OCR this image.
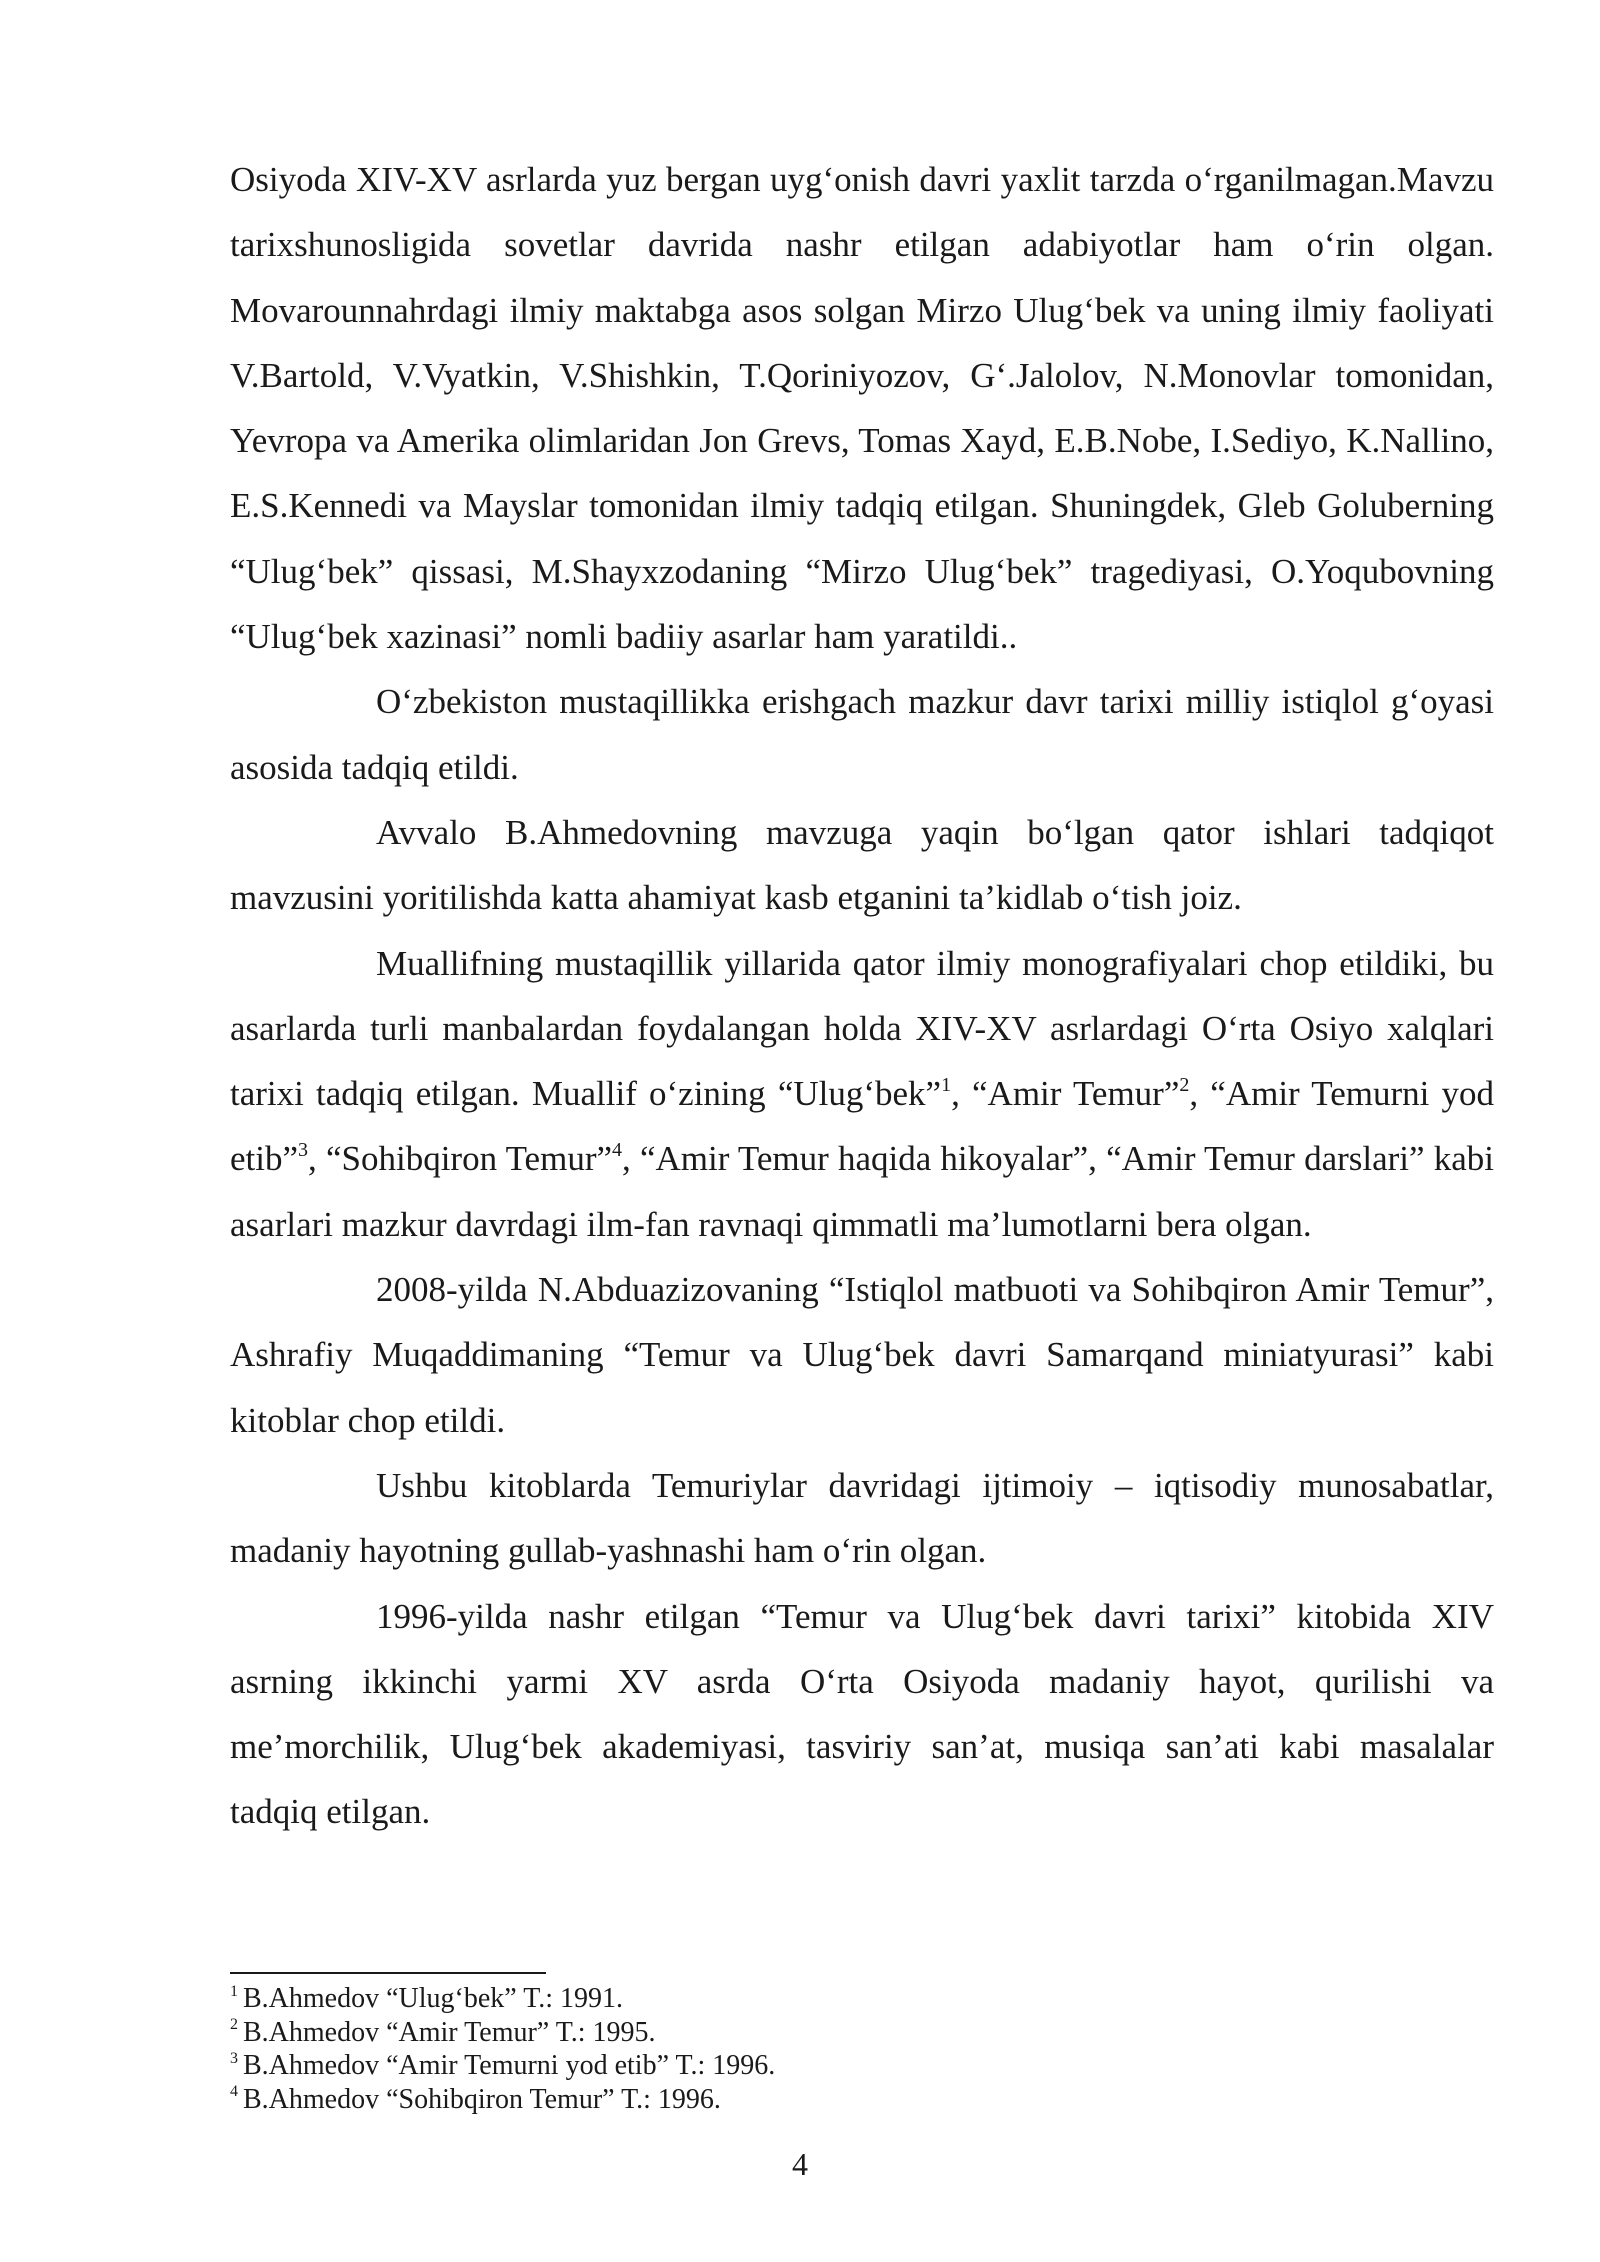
Osiyoda XIV-XV asrlarda yuz bergan uyg‘onish davri yaxlit tarzda o‘rganilmagan.Mavzu tarixshunosligida sovetlar davrida nashr etilgan adabiyotlar ham o‘rin olgan. Movarounnahrdagi ilmiy maktabga asos solgan Mirzo Ulug‘bek va uning ilmiy faoliyati V.Bartold, V.Vyatkin, V.Shishkin, T.Qoriniyozov, G‘.Jalolov, N.Monovlar tomonidan, Yevropa va Amerika olimlaridan Jon Grevs, Tomas Xayd, E.B.Nobe, I.Sediyo, K.Nallino, E.S.Kennedi va Mayslar tomonidan ilmiy tadqiq etilgan. Shuningdek, Gleb Goluberning “Ulug‘bek” qissasi, M.Shayxzodaning “Mirzo Ulug‘bek” tragediyasi, O.Yoqubovning “Ulug‘bek xazinasi” nomli badiiy asarlar ham yaratildi..

O‘zbekiston mustaqillikka erishgach mazkur davr tarixi milliy istiqlol g‘oyasi asosida tadqiq etildi.

Avvalo B.Ahmedovning mavzuga yaqin bo‘lgan qator ishlari tadqiqot mavzusini yoritilishda katta ahamiyat kasb etganini ta’kidlab o‘tish joiz.

Muallifning mustaqillik yillarida qator ilmiy monografiyalari chop etildiki, bu asarlarda turli manbalardan foydalangan holda XIV-XV asrlardagi O‘rta Osiyo xalqlari tarixi tadqiq etilgan. Muallif o‘zining “Ulug‘bek”$^1$, “Amir Temur”$^2$, “Amir Temurni yod etib”$^3$, “Sohibqiron Temur”$^4$, “Amir Temur haqida hikoyalar”, “Amir Temur darslari” kabi asarlari mazkur davrdagi ilm-fan ravnaqi qimmatli ma’lumotlarni bera olgan.

2008-yilda N.Abduazizovaning “Istiqlol matbuoti va Sohibqiron Amir Temur”, Ashrafiy Muqaddimaning “Temur va Ulug‘bek davri Samarqand miniatyurasi” kabi kitoblar chop etildi.

Ushbu kitoblarda Temuriylar davridagi ijtimoiy – iqtisodiy munosabatlar, madaniy hayotning gullab-yashnashi ham o‘rin olgan.

1996-yilda nashr etilgan “Temur va Ulug‘bek davri tarixi” kitobida XIV asrning ikkinchi yarmi XV asrda O‘rta Osiyoda madaniy hayot, qurilishi va me’morchilik, Ulug‘bek akademiyasi, tasviriy san’at, musiqa san’ati kabi masalalar tadqiq etilgan.

$^1$ B.Ahmedov “Ulug‘bek” T.: 1991.

$^2$ B.Ahmedov “Amir Temur” T.: 1995.

$^3$ B.Ahmedov “Amir Temurni yod etib” T.: 1996.

$^4$ B.Ahmedov “Sohibqiron Temur” T.: 1996.

4
